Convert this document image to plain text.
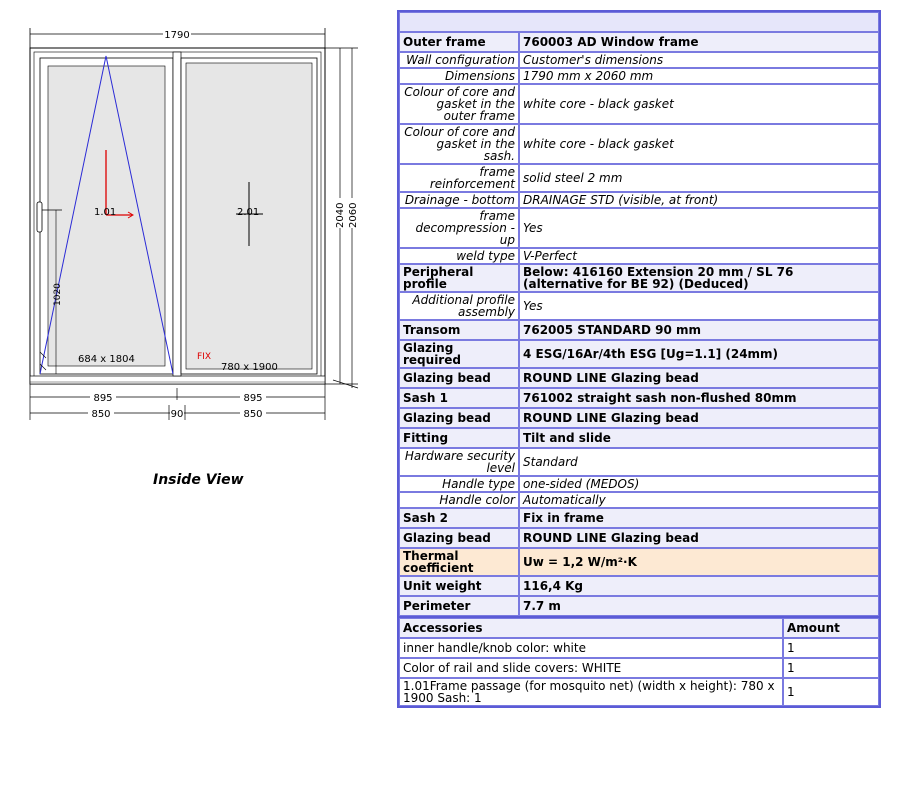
1790
1.01	2.01
1020
684 x 1804	FIX
780 x 1900
2040 2060
895	895
850	850
90
Inside View

Outer frame	760003 AD Window frame
Wall configuration	Customer's dimensions
Dimensions	1790 mm x 2060 mm
Colour of core and gasket in the outer frame	white core - black gasket
Colour of core and gasket in the sash.	white core - black gasket
frame reinforcement	solid steel 2 mm
Drainage - bottom	DRAINAGE STD (visible, at front)
frame decompression - up	Yes
weld type	V-Perfect
Peripheral profile	Below: 416160 Extension 20 mm / SL 76 (alternative for BE 92) (Deduced)
Additional profile assembly	Yes
Transom	762005 STANDARD 90 mm
Glazing required	4 ESG/16Ar/4th ESG [Ug=1.1] (24mm)
Glazing bead	ROUND LINE Glazing bead
Sash 1	761002 straight sash non-flushed 80mm
Glazing bead	ROUND LINE Glazing bead
Fitting	Tilt and slide
Hardware security level	Standard
Handle type	one-sided (MEDOS)
Handle color	Automatically
Sash 2	Fix in frame
Glazing bead	ROUND LINE Glazing bead
Thermal coefficient	Uw = 1,2 W/m²·K
Unit weight	116,4 Kg
Perimeter	7.7 m
Accessories	Amount
inner handle/knob color: white	1
Color of rail and slide covers: WHITE	1
1.01Frame passage (for mosquito net) (width x height): 780 x 1900 Sash: 1	1
